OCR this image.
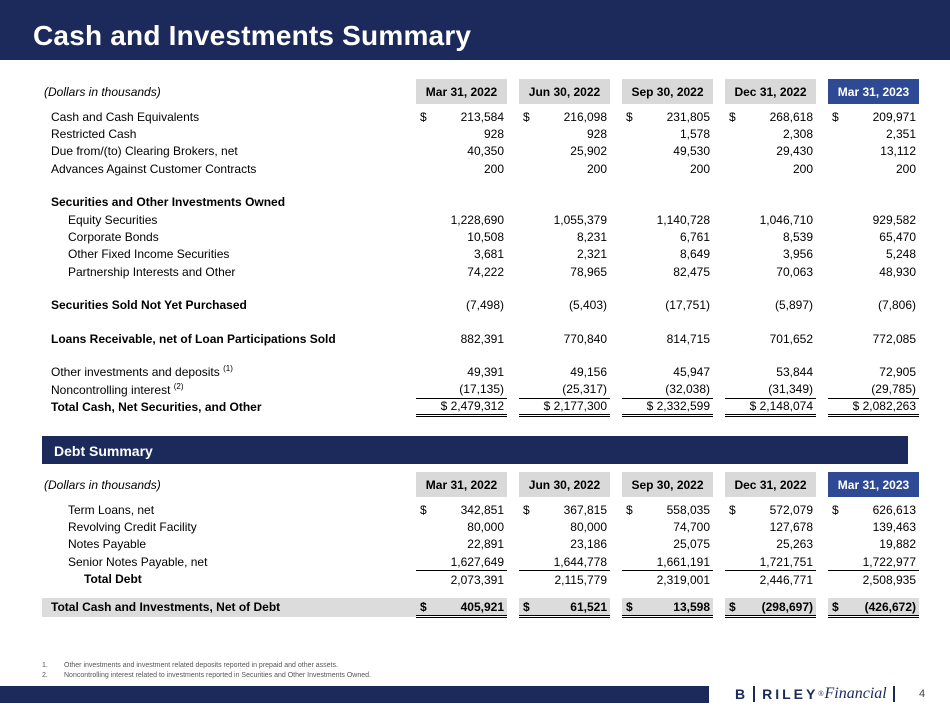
Cash and Investments Summary
(Dollars in thousands)	Mar 31, 2022		Jun 30, 2022		Sep 30, 2022		Dec 31, 2022		Mar 31, 2023

Cash and Cash Equivalents	$ 213,584		$ 216,098		$ 231,805		$ 268,618		$ 209,971
Restricted Cash	928		928		1,578		2,308		2,351
Due from/(to) Clearing Brokers, net	40,350		25,902		49,530		29,430		13,112
Advances Against Customer Contracts	200		200		200		200		200

Securities and Other Investments Owned									
Equity Securities	1,228,690		1,055,379		1,140,728		1,046,710		929,582
Corporate Bonds	10,508		8,231		6,761		8,539		65,470
Other Fixed Income Securities	3,681		2,321		8,649		3,956		5,248
Partnership Interests and Other	74,222		78,965		82,475		70,063		48,930

Securities Sold Not Yet Purchased	(7,498)		(5,403)		(17,751)		(5,897)		(7,806)

Loans Receivable, net of Loan Participations Sold	882,391		770,840		814,715		701,652		772,085

Other investments and deposits $^{(1)}$	49,391		49,156		45,947		53,844		72,905
Noncontrolling interest $^{(2)}$	(17,135)		(25,317)		(32,038)		(31,349)		(29,785)
Total Cash, Net Securities, and Other	$ 2,479,312		$ 2,177,300		$ 2,332,599		$ 2,148,074		$ 2,082,263
Debt Summary
(Dollars in thousands)	Mar 31, 2022		Jun 30, 2022		Sep 30, 2022		Dec 31, 2022		Mar 31, 2023

Term Loans, net	$ 342,851		$ 367,815		$ 558,035		$ 572,079		$ 626,613
Revolving Credit Facility	80,000		80,000		74,700		127,678		139,463
Notes Payable	22,891		23,186		25,075		25,263		19,882
Senior Notes Payable, net	1,627,649		1,644,778		1,661,191		1,721,751		1,722,977
Total Debt	2,073,391		2,115,779		2,319,001		2,446,771		2,508,935

Total Cash and Investments, Net of Debt	$ 405,921		$ 61,521		$ 13,598		$ (298,697)		$ (426,672)
1. Other investments and investment related deposits reported in prepaid and other assets.
2. Noncontrolling interest related to investments reported in Securities and Other Investments Owned.
B RILEY ® Financial	4
